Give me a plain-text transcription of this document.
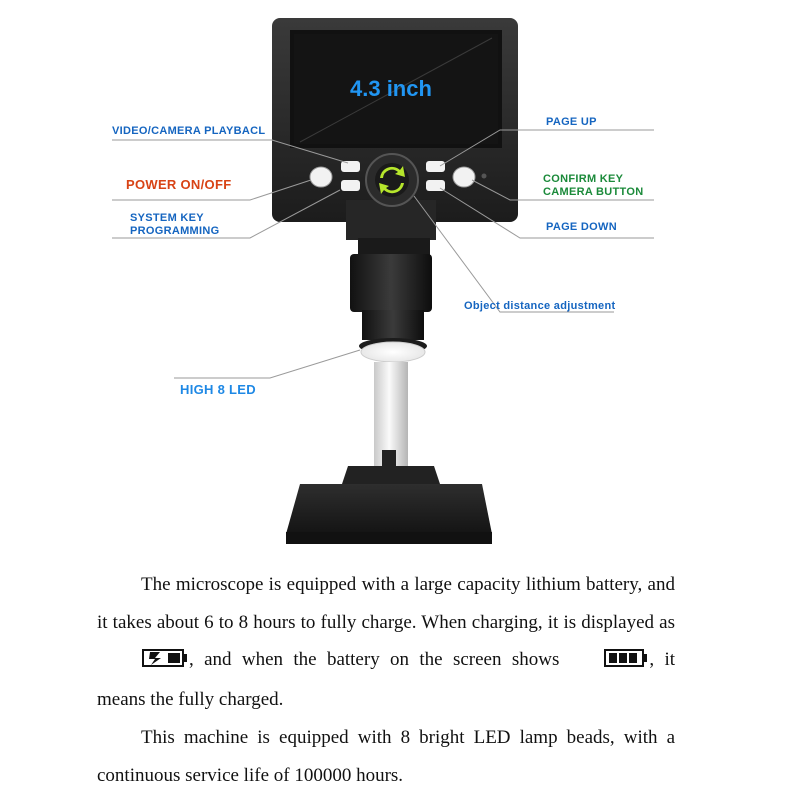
4.3 inch
VIDEO/CAMERA PLAYBACL
POWER ON/OFF
SYSTEM KEY
PROGRAMMING
PAGE UP
CONFIRM KEY
CAMERA BUTTON
PAGE DOWN
Object distance adjustment
HIGH 8 LED

The microscope is equipped with a large capacity lithium battery, and it takes about 6 to 8 hours to fully charge. When charging, it is displayed as, and when the battery on the screen shows	, it means the fully charged.

This machine is equipped with 8 bright LED lamp beads, with a continuous service life of 100000 hours.
